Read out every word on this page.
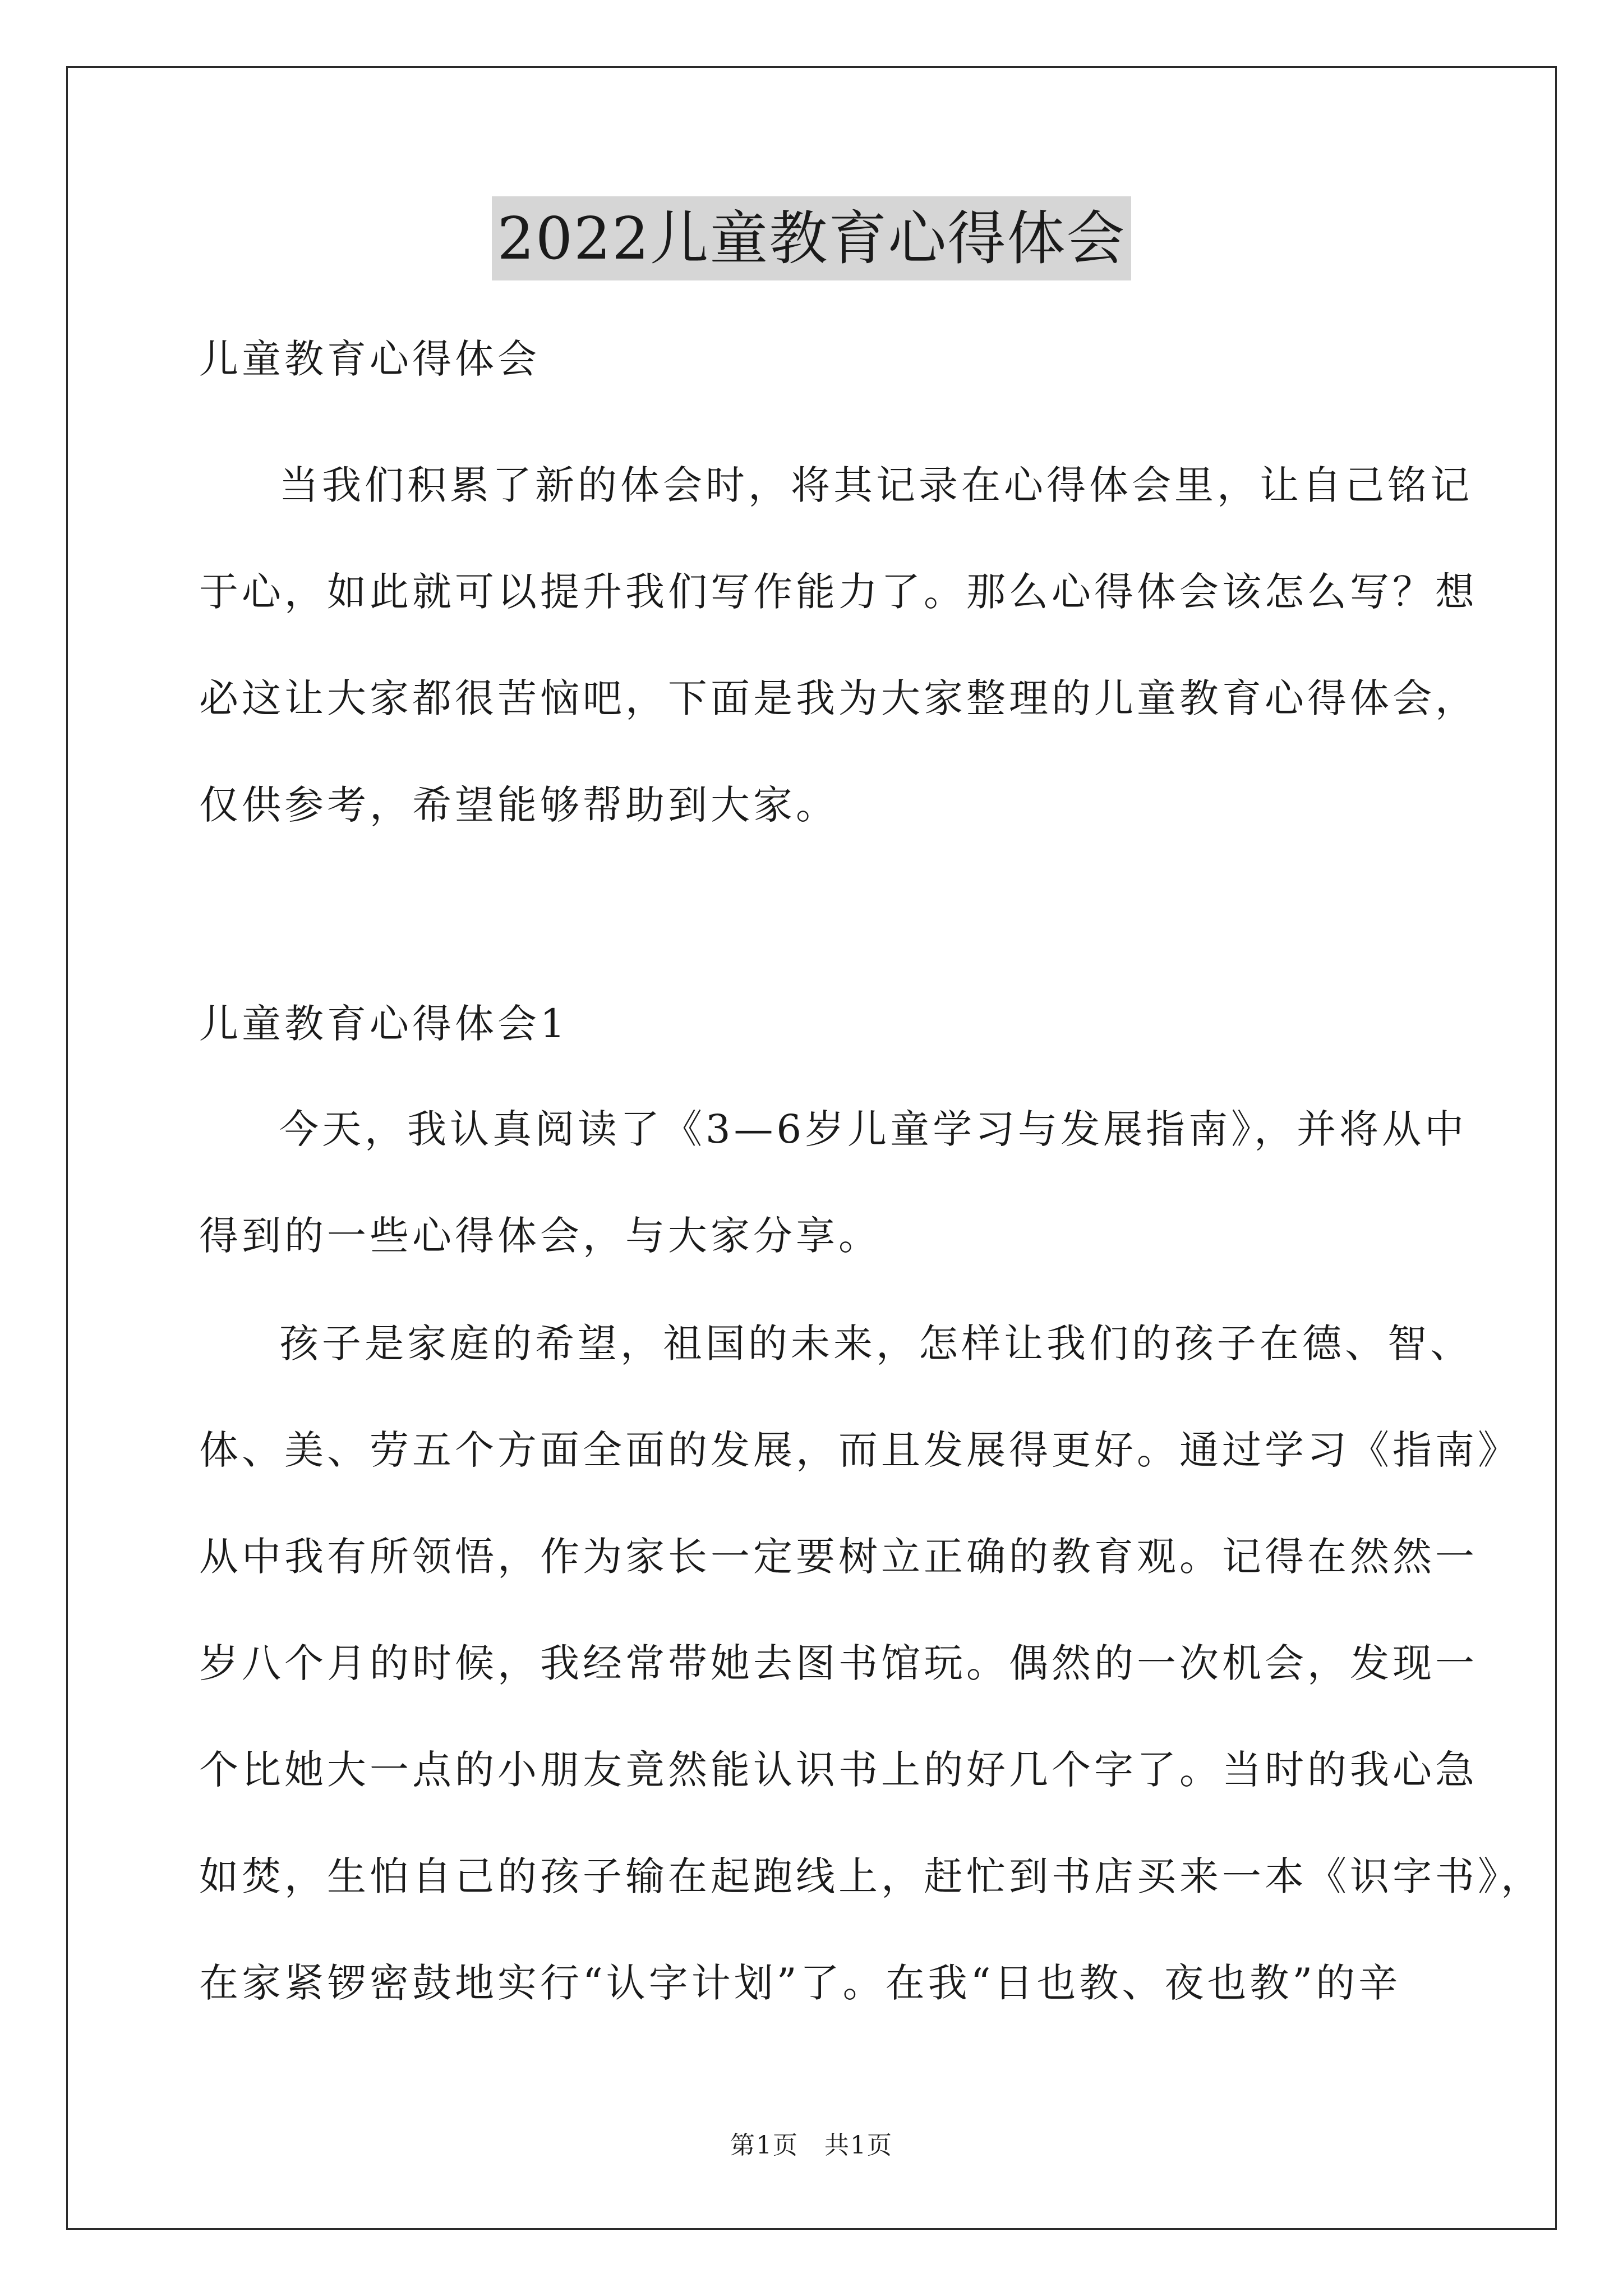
2022儿童教育心得体会
儿童教育心得体会
当我们积累了新的体会时，将其记录在心得体会里，让自己铭记
于心，如此就可以提升我们写作能力了。那么心得体会该怎么写？想
必这让大家都很苦恼吧，下面是我为大家整理的儿童教育心得体会，
仅供参考，希望能够帮助到大家。
儿童教育心得体会1
今天，我认真阅读了《3—6岁儿童学习与发展指南》，并将从中
得到的一些心得体会，与大家分享。
孩子是家庭的希望，祖国的未来，怎样让我们的孩子在德、智、
体、美、劳五个方面全面的发展，而且发展得更好。通过学习《指南》
从中我有所领悟，作为家长一定要树立正确的教育观。记得在然然一
岁八个月的时候，我经常带她去图书馆玩。偶然的一次机会，发现一
个比她大一点的小朋友竟然能认识书上的好几个字了。当时的我心急
如焚，生怕自己的孩子输在起跑线上，赶忙到书店买来一本《识字书》，
在家紧锣密鼓地实行“认字计划”了。在我“日也教、夜也教”的辛
第1页　共1页
